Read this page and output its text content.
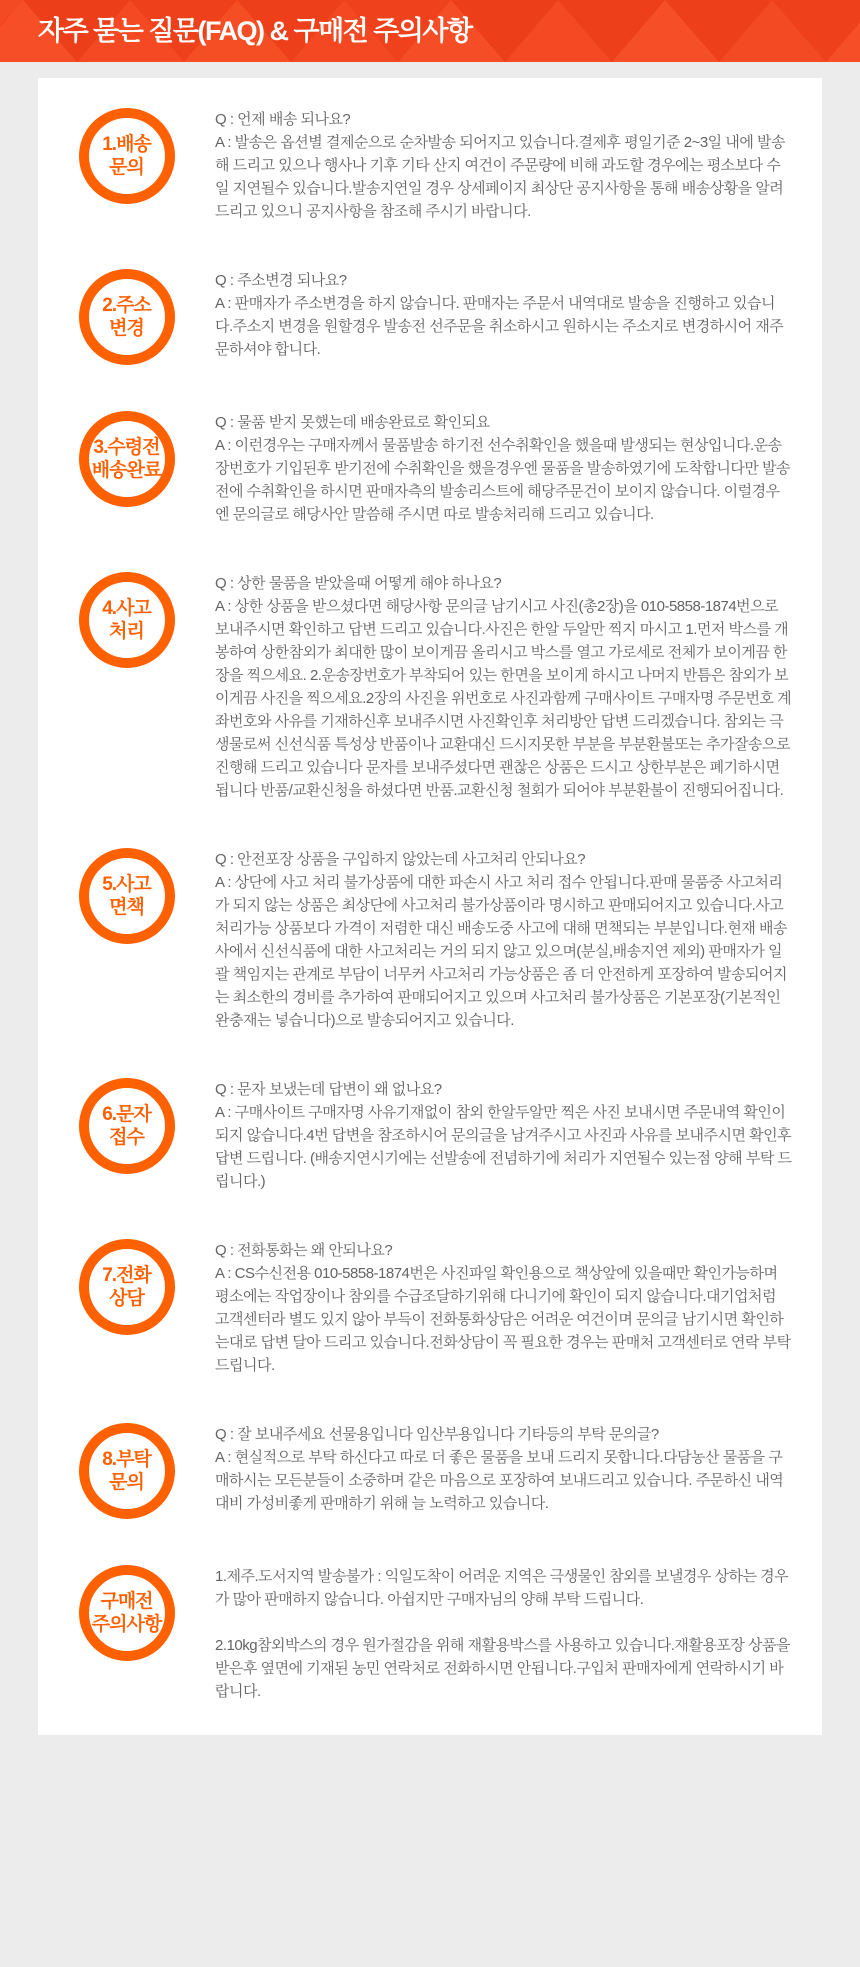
자주 묻는 질문(FAQ) & 구매전 주의사항
1.배송
문의

Q : 언제 배송 되나요?

A : 발송은 옵션별 결제순으로 순차발송 되어지고 있습니다.결제후 평일기준 2~3일 내에 발송해 드리고 있으나 행사나 기후 기타 산지 여건이 주문량에 비해 과도할 경우에는 평소보다 수일 지연될수 있습니다.발송지연일 경우 상세페이지 최상단 공지사항을 통해 배송상황을 알려 드리고 있으니 공지사항을 참조해 주시기 바랍니다.

2.주소
변경

Q : 주소변경 되나요?

A : 판매자가 주소변경을 하지 않습니다. 판매자는 주문서 내역대로 발송을 진행하고 있습니다.주소지 변경을 원할경우 발송전 선주문을 취소하시고 원하시는 주소지로 변경하시어 재주문하셔야 합니다.

3.수령전
배송완료

Q : 물품 받지 못했는데 배송완료로 확인되요

A : 이런경우는 구매자께서 물품발송 하기전 선수취확인을 했을때 발생되는 현상입니다.운송장번호가 기입된후 받기전에 수취확인을 했을경우엔 물품을 발송하였기에 도착합니다만 발송전에 수취확인을 하시면 판매자측의 발송리스트에 해당주문건이 보이지 않습니다. 이럴경우엔 문의글로 해당사안 말씀해 주시면 따로 발송처리해 드리고 있습니다.

4.사고
처리

Q : 상한 물품을 받았을때 어떻게 해야 하나요?

A : 상한 상품을 받으셨다면 해당사항 문의글 남기시고 사진(총2장)을 010-5858-1874번으로 보내주시면 확인하고 답변 드리고 있습니다.사진은 한알 두알만 찍지 마시고 1.먼저 박스를 개봉하여 상한참외가 최대한 많이 보이게끔 올리시고 박스를 열고 가로세로 전체가 보이게끔 한장을 찍으세요. 2.운송장번호가 부착되어 있는 한면을 보이게 하시고 나머지 반틈은 참외가 보이게끔 사진을 찍으세요.2장의 사진을 위번호로 사진과함께 구매사이트 구매자명 주문번호 계좌번호와 사유를 기재하신후 보내주시면 사진확인후 처리방안 답변 드리겠습니다. 참외는 극생물로써 신선식품 특성상 반품이나 교환대신 드시지못한 부분을 부분환불또는 추가잘송으로 진행해 드리고 있습니다 문자를 보내주셨다면 괜찮은 상품은 드시고 상한부분은 폐기하시면 됩니다 반품/교환신청을 하셨다면 반품.교환신청 철회가 되어야 부분환불이 진행되어집니다.

5.사고
면책

Q : 안전포장 상품을 구입하지 않았는데 사고처리 안되나요?

A : 상단에 사고 처리 불가상품에 대한 파손시 사고 처리 접수 안됩니다.판매 물품중 사고처리가 되지 않는 상품은 최상단에 사고처리 불가상품이라 명시하고 판매되어지고 있습니다.사고처리가능 상품보다 가격이 저렴한 대신 배송도중 사고에 대해 면책되는 부분입니다.현재 배송사에서 신선식품에 대한 사고처리는 거의 되지 않고 있으며(분실,배송지연 제외) 판매자가 일괄 책임지는 관계로 부담이 너무커 사고처리 가능상품은 좀 더 안전하게 포장하여 발송되어지는 최소한의 경비를 추가하여 판매되어지고 있으며 사고처리 불가상품은 기본포장(기본적인 완충재는 넣습니다)으로 발송되어지고 있습니다.

6.문자
접수

Q : 문자 보냈는데 답변이 왜 없나요?

A : 구매사이트 구매자명 사유기재없이 참외 한알두알만 찍은 사진 보내시면 주문내역 확인이 되지 않습니다.4번 답변을 참조하시어 문의글을 남겨주시고 사진과 사유를 보내주시면 확인후 답변 드립니다. (배송지연시기에는 선발송에 전념하기에 처리가 지연될수 있는점 양해 부탁 드립니다.)

7.전화
상담

Q : 전화통화는 왜 안되나요?

A : CS수신전용 010-5858-1874번은 사진파일 확인용으로 책상앞에 있을때만 확인가능하며 평소에는 작업장이나 참외를 수급조달하기위해 다니기에 확인이 되지 않습니다.대기업처럼 고객센터라 별도 있지 않아 부득이 전화통화상담은 어려운 여건이며 문의글 남기시면 확인하는대로 답변 달아 드리고 있습니다.전화상담이 꼭 필요한 경우는 판매처 고객센터로 연락 부탁 드립니다.

8.부탁
문의

Q : 잘 보내주세요 선물용입니다 임산부용입니다 기타등의 부탁 문의글?

A : 현실적으로 부탁 하신다고 따로 더 좋은 물품을 보내 드리지 못합니다.다담농산 물품을 구매하시는 모든분들이 소중하며 같은 마음으로 포장하여 보내드리고 있습니다. 주문하신 내역 대비 가성비좋게 판매하기 위해 늘 노력하고 있습니다.

구매전
주의사항

1.제주.도서지역 발송불가 : 익일도착이 어려운 지역은 극생물인 참외를 보낼경우 상하는 경우가 많아 판매하지 않습니다. 아쉽지만 구매자님의 양해 부탁 드립니다.

2.10kg참외박스의 경우 원가절감을 위해 재활용박스를 사용하고 있습니다.재활용포장 상품을 받은후 옆면에 기재된 농민 연락처로 전화하시면 안됩니다.구입처 판매자에게 연락하시기 바랍니다.
